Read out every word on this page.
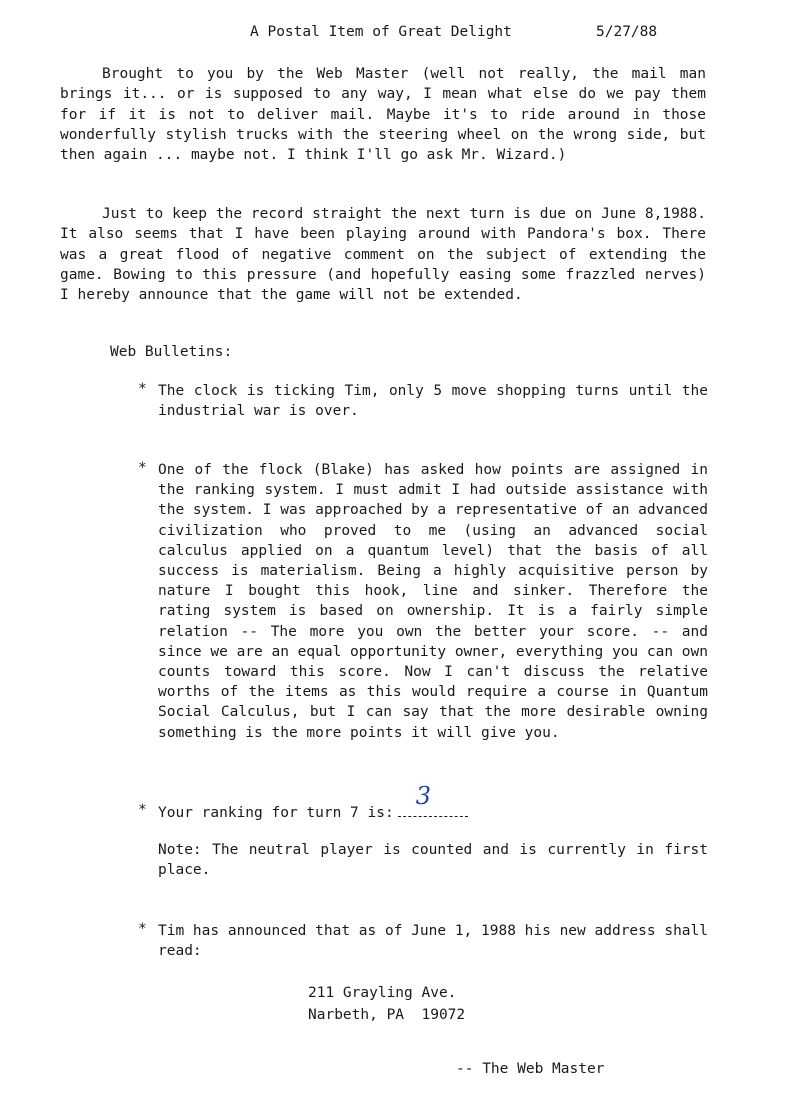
A Postal Item of Great Delight	5/27/88

Brought to you by the Web Master (well not really, the mail man brings it... or is supposed to any way, I mean what else do we pay them for if it is not to deliver mail. Maybe it's to ride around in those wonderfully stylish trucks with the steering wheel on the wrong side, but then again ... maybe not. I think I'll go ask Mr. Wizard.)

Just to keep the record straight the next turn is due on June 8,1988. It also seems that I have been playing around with Pandora's box. There was a great flood of negative comment on the subject of extending the game. Bowing to this pressure (and hopefully easing some frazzled nerves) I hereby announce that the game will not be extended.

Web Bulletins:

* The clock is ticking Tim, only 5 move shopping turns until the industrial war is over.

* One of the flock (Blake) has asked how points are assigned in the ranking system. I must admit I had outside assistance with the system. I was approached by a representative of an advanced civilization who proved to me (using an advanced social calculus applied on a quantum level) that the basis of all success is materialism. Being a highly acquisitive person by nature I bought this hook, line and sinker. Therefore the rating system is based on ownership. It is a fairly simple relation -- The more you own the better your score. -- and since we are an equal opportunity owner, everything you can own counts toward this score. Now I can't discuss the relative worths of the items as this would require a course in Quantum Social Calculus, but I can say that the more desirable owning something is the more points it will give you.

* Your ranking for turn 7 is:
3

Note: The neutral player is counted and is currently in first place.

* Tim has announced that as of June 1, 1988 his new address shall read:

211 Grayling Ave.
Narbeth, PA  19072
-- The Web Master
